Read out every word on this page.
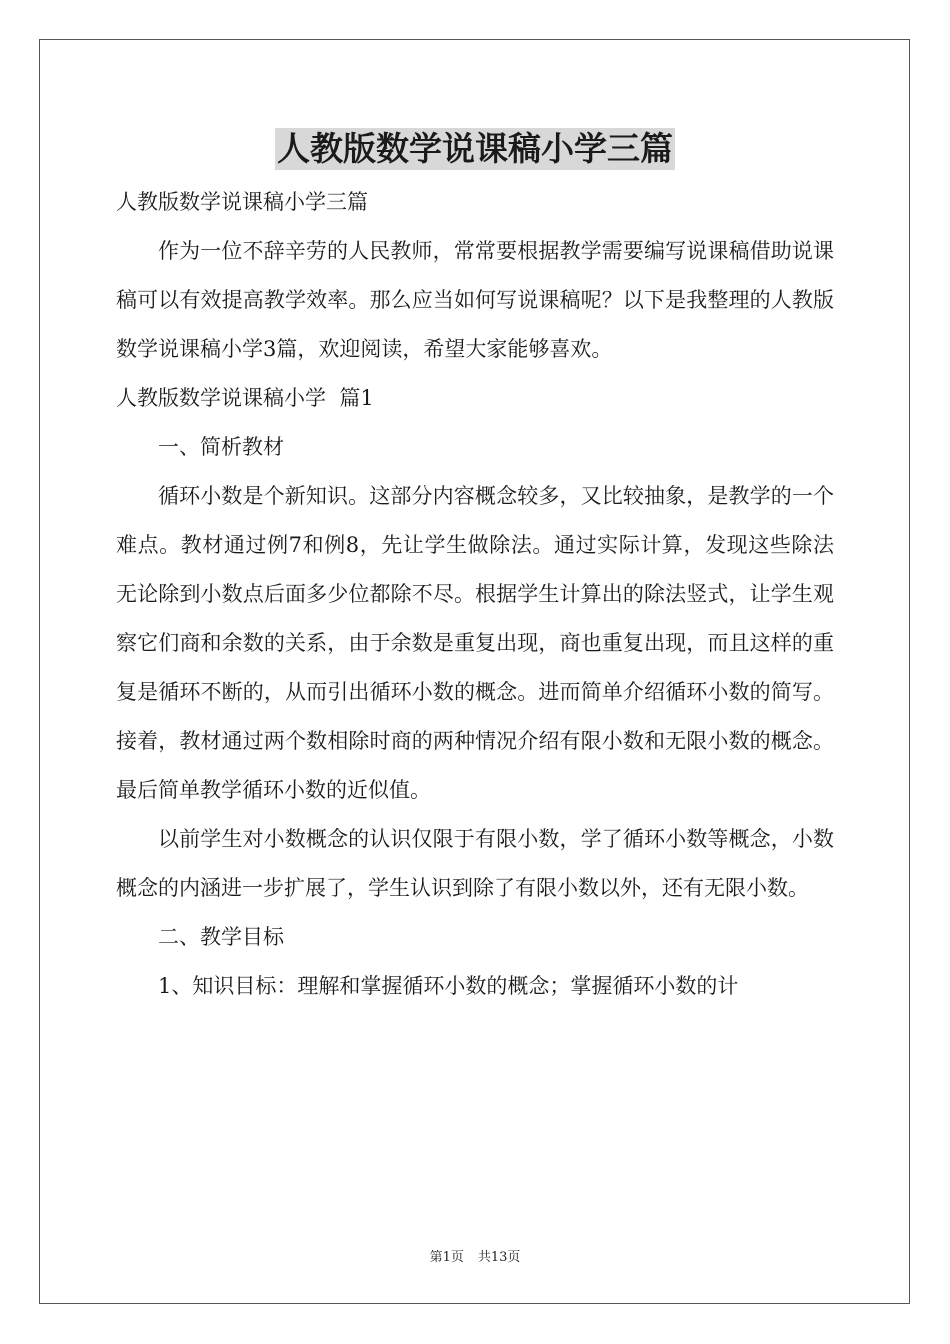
人教版数学说课稿小学三篇

人教版数学说课稿小学三篇

作为一位不辞辛劳的人民教师，常常要根据教学需要编写说课稿借助说课稿可以有效提高教学效率。那么应当如何写说课稿呢？以下是我整理的人教版数学说课稿小学3篇，欢迎阅读，希望大家能够喜欢。

人教版数学说课稿小学  篇1

一、简析教材

循环小数是个新知识。这部分内容概念较多，又比较抽象，是教学的一个难点。教材通过例7和例8，先让学生做除法。通过实际计算，发现这些除法无论除到小数点后面多少位都除不尽。根据学生计算出的除法竖式，让学生观察它们商和余数的关系，由于余数是重复出现，商也重复出现，而且这样的重复是循环不断的，从而引出循环小数的概念。进而简单介绍循环小数的简写。接着，教材通过两个数相除时商的两种情况介绍有限小数和无限小数的概念。最后简单教学循环小数的近似值。

以前学生对小数概念的认识仅限于有限小数，学了循环小数等概念，小数概念的内涵进一步扩展了，学生认识到除了有限小数以外，还有无限小数。

二、教学目标

1、知识目标：理解和掌握循环小数的概念；掌握循环小数的计

第1页 共13页
